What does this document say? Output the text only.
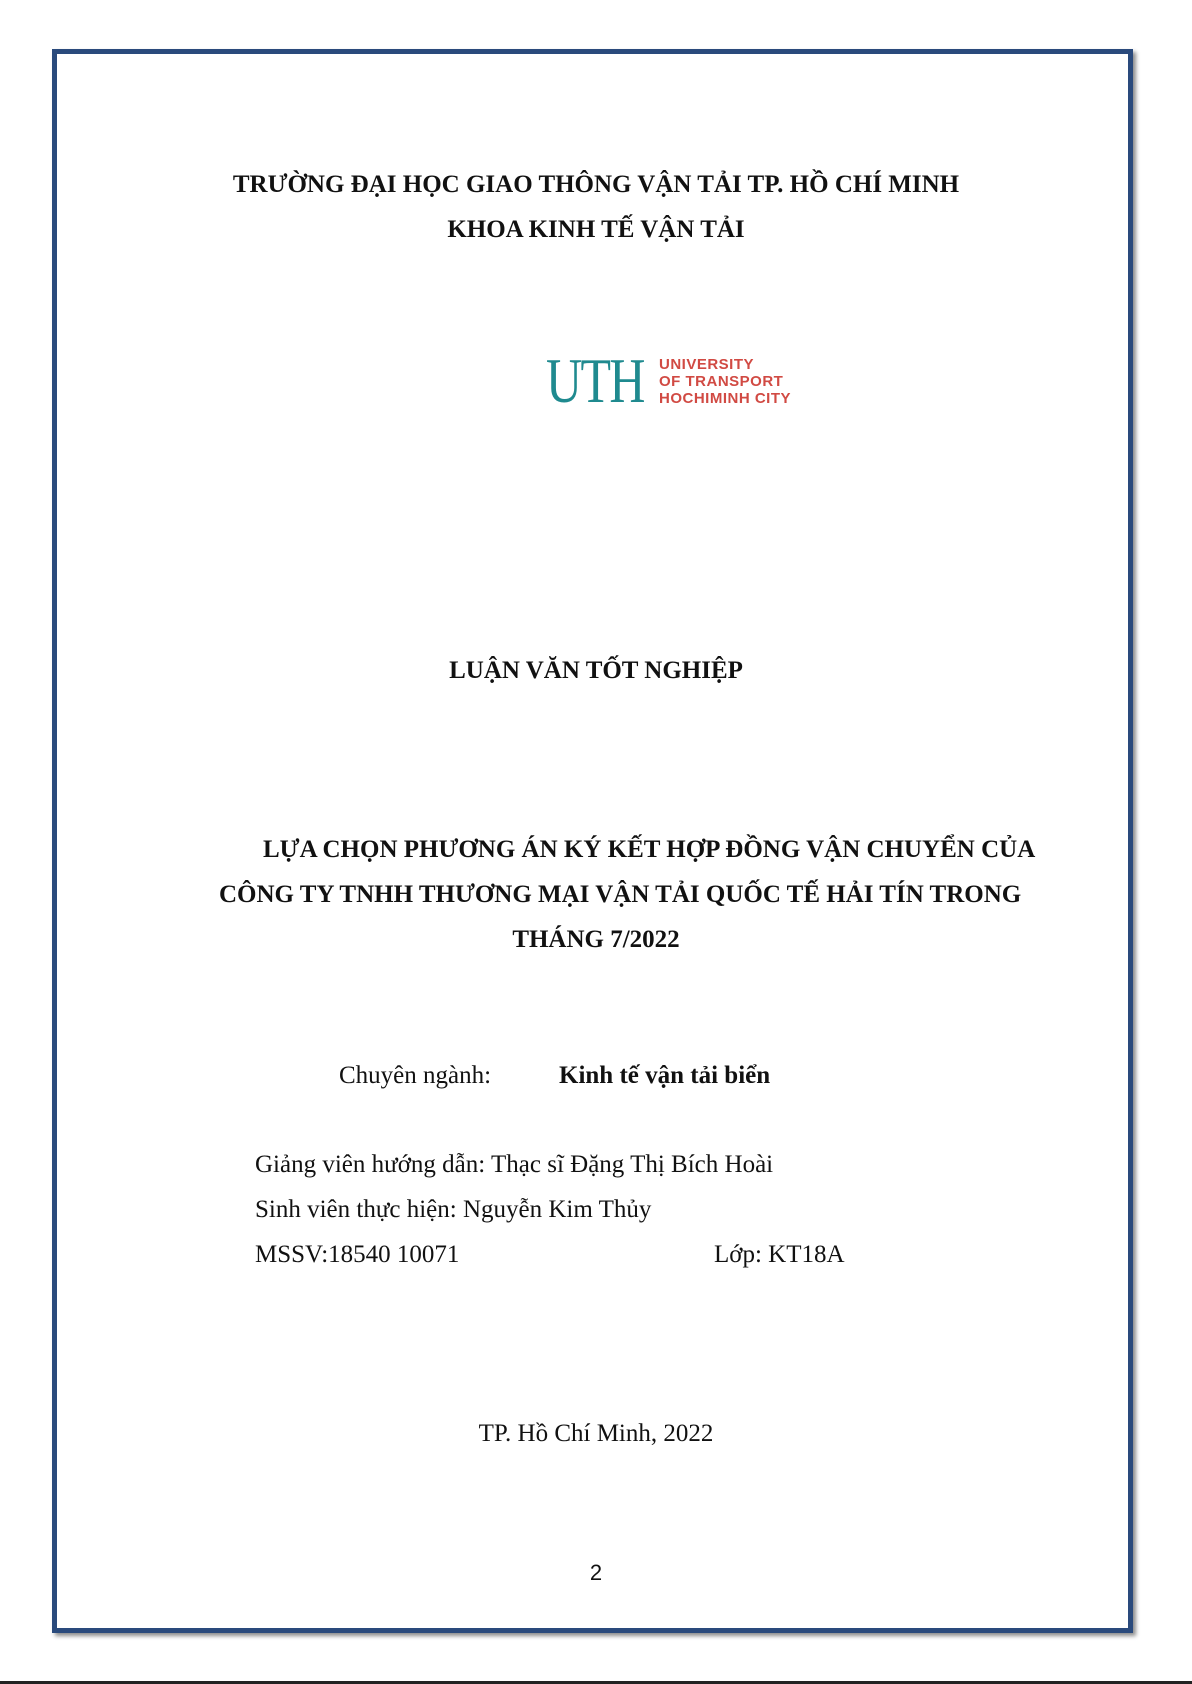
TRƯỜNG ĐẠI HỌC GIAO THÔNG VẬN TẢI TP. HỒ CHÍ MINH
KHOA KINH TẾ VẬN TẢI
UTH UNIVERSITY
OF TRANSPORT
HOCHIMINH CITY
LUẬN VĂN TỐT NGHIỆP
LỰA CHỌN PHƯƠNG ÁN KÝ KẾT HỢP ĐỒNG VẬN CHUYỂN CỦA
CÔNG TY TNHH THƯƠNG MẠI VẬN TẢI QUỐC TẾ HẢI TÍN TRONG
THÁNG 7/2022
Chuyên ngành:	Kinh tế vận tải biển
Giảng viên hướng dẫn: Thạc sĩ Đặng Thị Bích Hoài
Sinh viên thực hiện: Nguyễn Kim Thủy
MSSV:18540 10071	Lớp: KT18A
TP. Hồ Chí Minh, 2022
2
